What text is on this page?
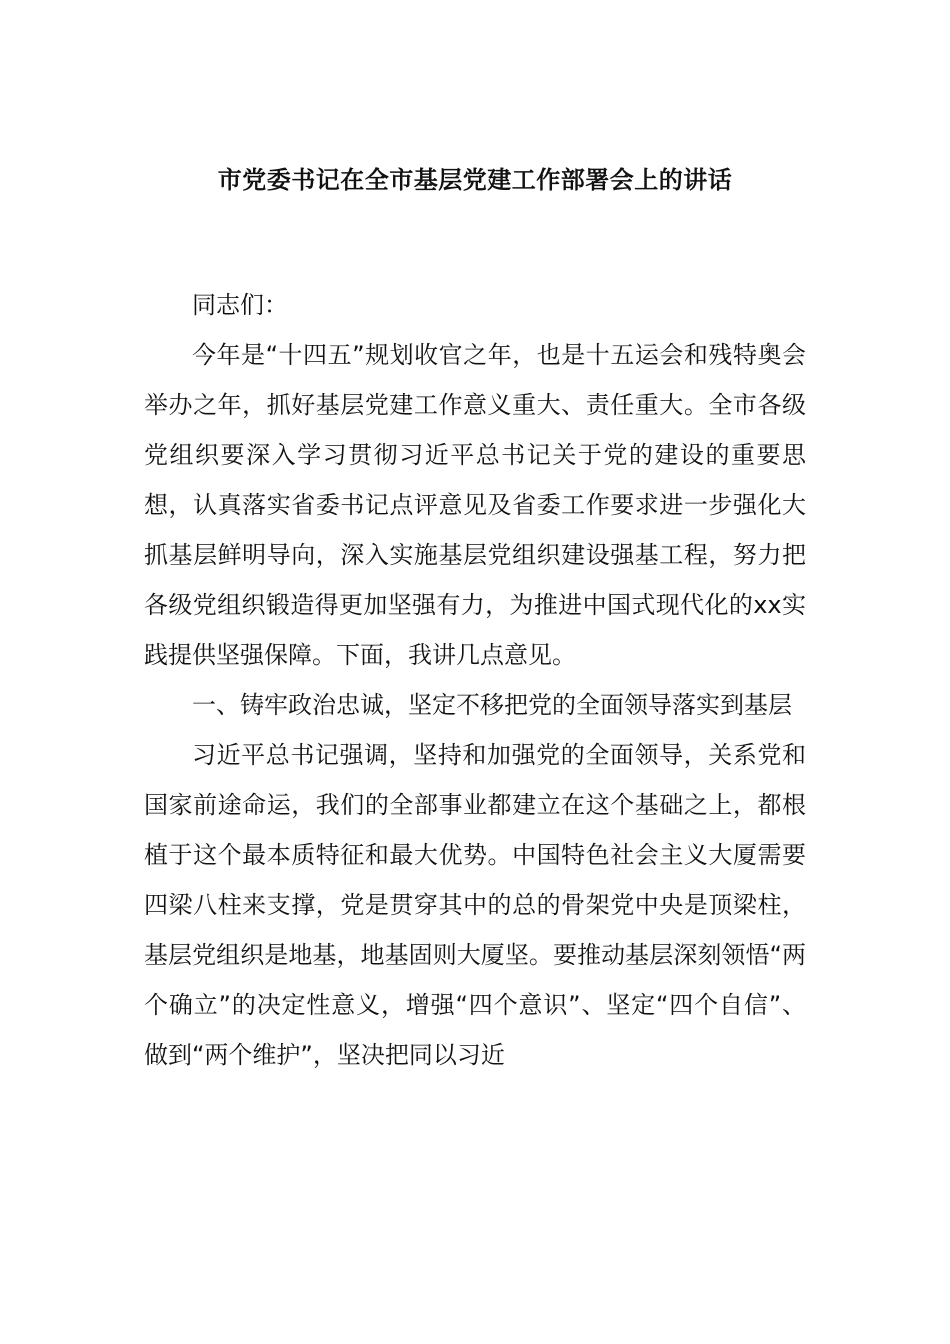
市党委书记在全市基层党建工作部署会上的讲话

同志们：

今年是“十四五”规划收官之年，也是十五运会和残特奥会举办之年，抓好基层党建工作意义重大、责任重大。全市各级党组织要深入学习贯彻习近平总书记关于党的建设的重要思想，认真落实省委书记点评意见及省委工作要求进一步强化大抓基层鲜明导向，深入实施基层党组织建设强基工程，努力把各级党组织锻造得更加坚强有力，为推进中国式现代化的xx实践提供坚强保障。下面，我讲几点意见。

一、铸牢政治忠诚，坚定不移把党的全面领导落实到基层

习近平总书记强调，坚持和加强党的全面领导，关系党和国家前途命运，我们的全部事业都建立在这个基础之上，都根植于这个最本质特征和最大优势。中国特色社会主义大厦需要四梁八柱来支撑，党是贯穿其中的总的骨架党中央是顶梁柱，基层党组织是地基，地基固则大厦坚。要推动基层深刻领悟“两个确立”的决定性意义，增强“四个意识”、坚定“四个自信”、做到“两个维护”，坚决把同以习近
